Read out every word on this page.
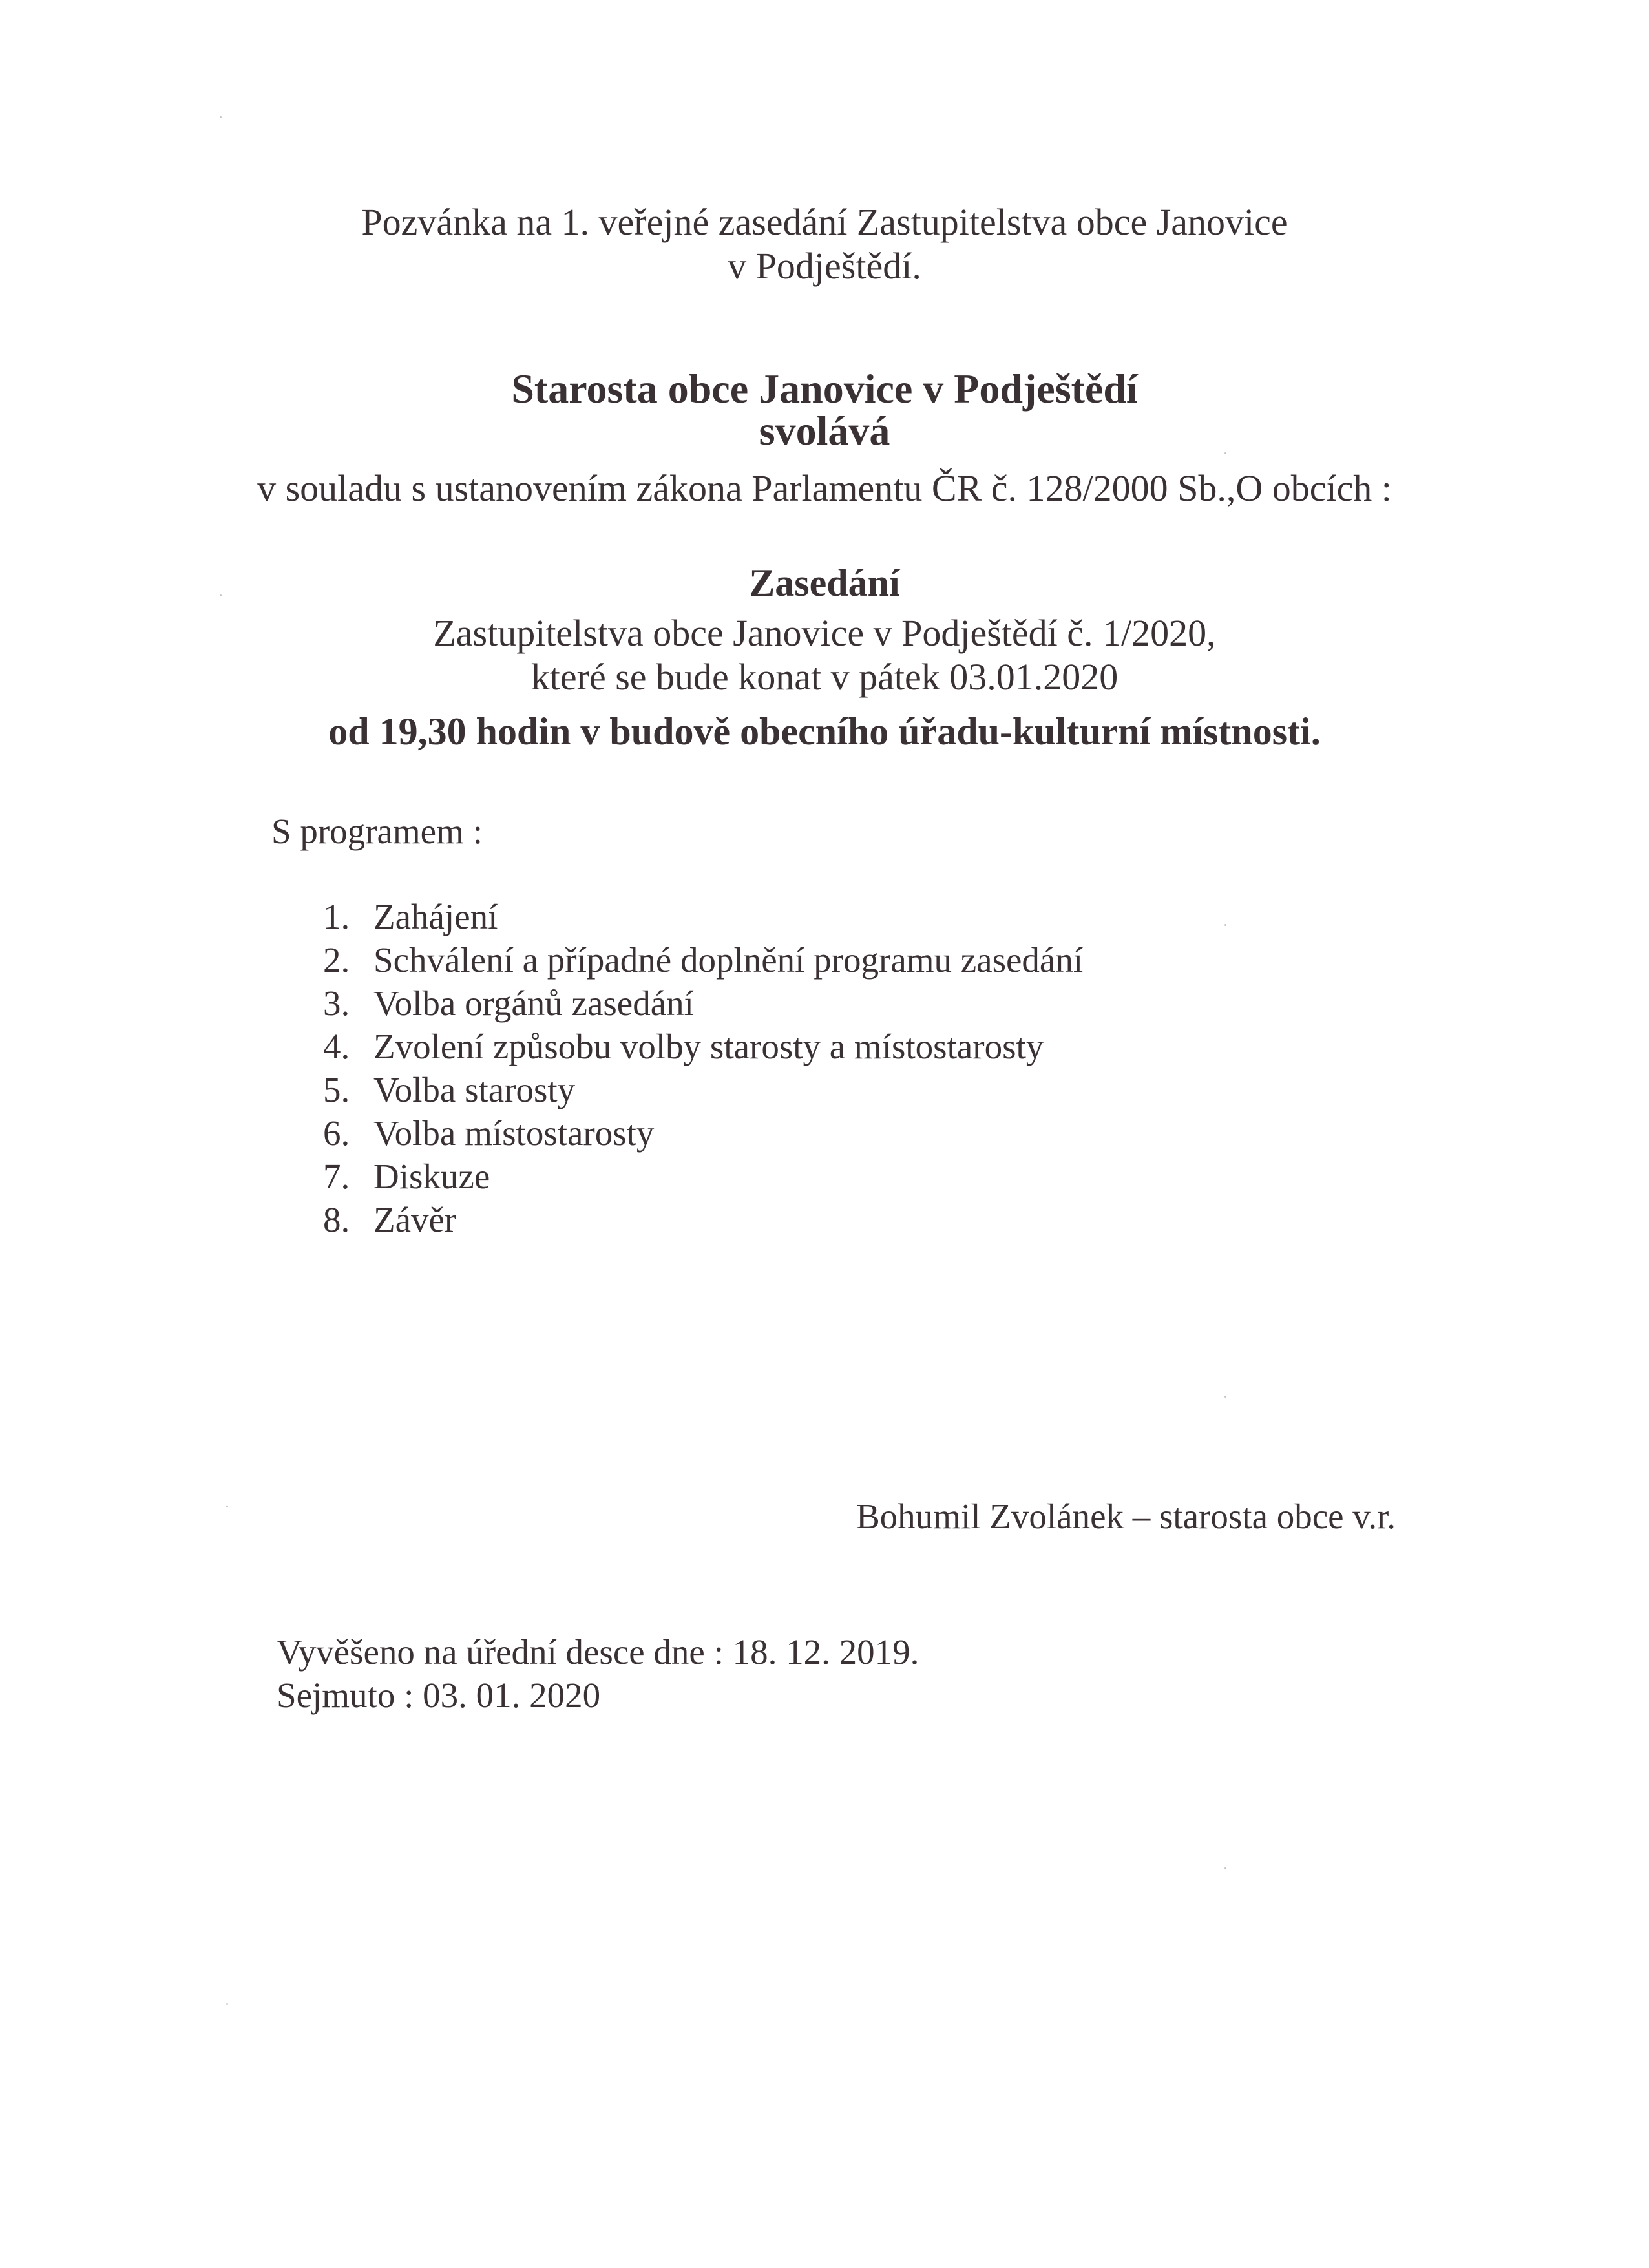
Pozvánka na 1. veřejné zasedání Zastupitelstva obce Janovice
v Podještědí.
Starosta obce Janovice v Podještědí
svolává
v souladu s ustanovením zákona Parlamentu ČR č. 128/2000 Sb.,O obcích :
Zasedání
Zastupitelstva obce Janovice v Podještědí č. 1/2020,
které se bude konat v pátek 03.01.2020
od 19,30 hodin v budově obecního úřadu-kulturní místnosti.
S programem :
1. Zahájení
2. Schválení a případné doplnění programu zasedání
3. Volba orgánů zasedání
4. Zvolení způsobu volby starosty a místostarosty
5. Volba starosty
6. Volba místostarosty
7. Diskuze
8. Závěr
Bohumil Zvolánek – starosta obce v.r.
Vyvěšeno na úřední desce dne : 18. 12. 2019.
Sejmuto : 03. 01. 2020
